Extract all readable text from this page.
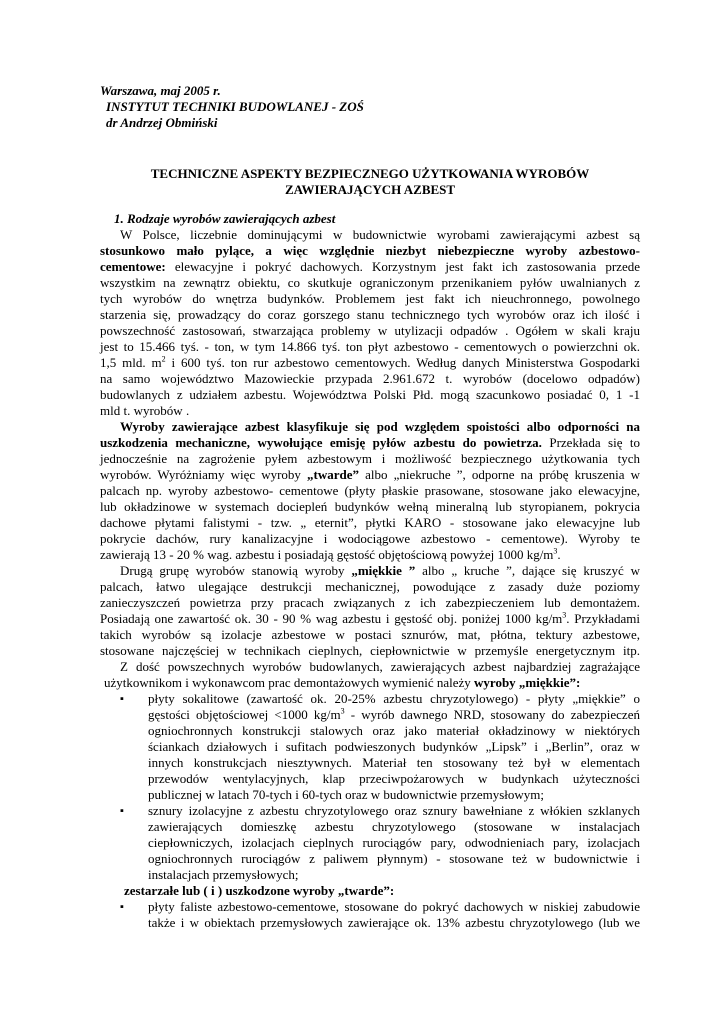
Warszawa, maj 2005 r.
INSTYTUT TECHNIKI BUDOWLANEJ - ZOŚ
dr Andrzej Obmiński
TECHNICZNE ASPEKTY BEZPIECZNEGO UŻYTKOWANIA WYROBÓW
ZAWIERAJĄCYCH AZBEST
1. Rodzaje wyrobów zawierających azbest
W Polsce, liczebnie dominującymi w budownictwie wyrobami zawierającymi azbest są
stosunkowo mało pylące, a więc względnie niezbyt niebezpieczne wyroby azbestowo-
cementowe: elewacyjne i pokryć dachowych. Korzystnym jest fakt ich zastosowania przede
wszystkim na zewnątrz obiektu, co skutkuje ograniczonym przenikaniem pyłów uwalnianych z
tych wyrobów do wnętrza budynków. Problemem jest fakt ich nieuchronnego, powolnego
starzenia się, prowadzący do coraz gorszego stanu technicznego tych wyrobów oraz ich ilość i
powszechność zastosowań, stwarzająca problemy w utylizacji odpadów . Ogółem w skali kraju
jest to 15.466 tyś. - ton, w tym 14.866 tyś. ton płyt azbestowo - cementowych o powierzchni ok.
1,5 mld. $m^2$ i 600 tyś. ton rur azbestowo cementowych. Według danych Ministerstwa Gospodarki
na samo województwo Mazowieckie przypada 2.961.672 t. wyrobów (docelowo odpadów)
budowlanych z udziałem azbestu. Województwa Polski Płd. mogą szacunkowo posiadać 0, 1 -1
mld t. wyrobów .
Wyroby zawierające azbest klasyfikuje się pod względem spoistości albo odporności na
uszkodzenia mechaniczne, wywołujące emisję pyłów azbestu do powietrza. Przekłada się to
jednocześnie na zagrożenie pyłem azbestowym i możliwość bezpiecznego użytkowania tych
wyrobów. Wyróżniamy więc wyroby „twarde” albo „niekruche ”, odporne na próbę kruszenia w
palcach np. wyroby azbestowo- cementowe (płyty płaskie prasowane, stosowane jako elewacyjne,
lub okładzinowe w systemach dociepleń budynków wełną mineralną lub styropianem, pokrycia
dachowe płytami falistymi - tzw. „ eternit”, płytki KARO - stosowane jako elewacyjne lub
pokrycie dachów, rury kanalizacyjne i wodociągowe azbestowo - cementowe). Wyroby te
zawierają 13 - 20 % wag. azbestu i posiadają gęstość objętościową powyżej 1000 $kg/m^3$.
Drugą grupę wyrobów stanowią wyroby „miękkie ” albo „ kruche ”, dające się kruszyć w
palcach, łatwo ulegające destrukcji mechanicznej, powodujące z zasady duże poziomy
zanieczyszczeń powietrza przy pracach związanych z ich zabezpieczeniem lub demontażem.
Posiadają one zawartość ok. 30 - 90 % wag azbestu i gęstość obj. poniżej 1000 $kg/m^3$. Przykładami
takich wyrobów są izolacje azbestowe w postaci sznurów, mat, płótna, tektury azbestowe,
stosowane najczęściej w technikach cieplnych, ciepłownictwie w przemyśle energetycznym itp.
Z dość powszechnych wyrobów budowlanych, zawierających azbest najbardziej zagrażające
użytkownikom i wykonawcom prac demontażowych wymienić należy wyroby „miękkie”:
▪ płyty sokalitowe (zawartość ok. 20-25% azbestu chryzotylowego) - płyty „miękkie” o
gęstości objętościowej <1000 $kg/m^3$ - wyrób dawnego NRD, stosowany do zabezpieczeń
ogniochronnych konstrukcji stalowych oraz jako materiał okładzinowy w niektórych
ściankach działowych i sufitach podwieszonych budynków „Lipsk” i „Berlin”, oraz w
innych konstrukcjach niesztywnych. Materiał ten stosowany też był w elementach
przewodów wentylacyjnych, klap przeciwpożarowych w budynkach użyteczności
publicznej w latach 70-tych i 60-tych oraz w budownictwie przemysłowym;
▪ sznury izolacyjne z azbestu chryzotylowego oraz sznury bawełniane z włókien szklanych
zawierających domieszkę azbestu chryzotylowego (stosowane w instalacjach
ciepłowniczych, izolacjach cieplnych rurociągów pary, odwodnieniach pary, izolacjach
ogniochronnych rurociągów z paliwem płynnym) - stosowane też w budownictwie i
instalacjach przemysłowych;
zestarzałe lub ( i ) uszkodzone wyroby „twarde”:
▪ płyty faliste azbestowo-cementowe, stosowane do pokryć dachowych w niskiej zabudowie
także i w obiektach przemysłowych zawierające ok. 13% azbestu chryzotylowego (lub we
